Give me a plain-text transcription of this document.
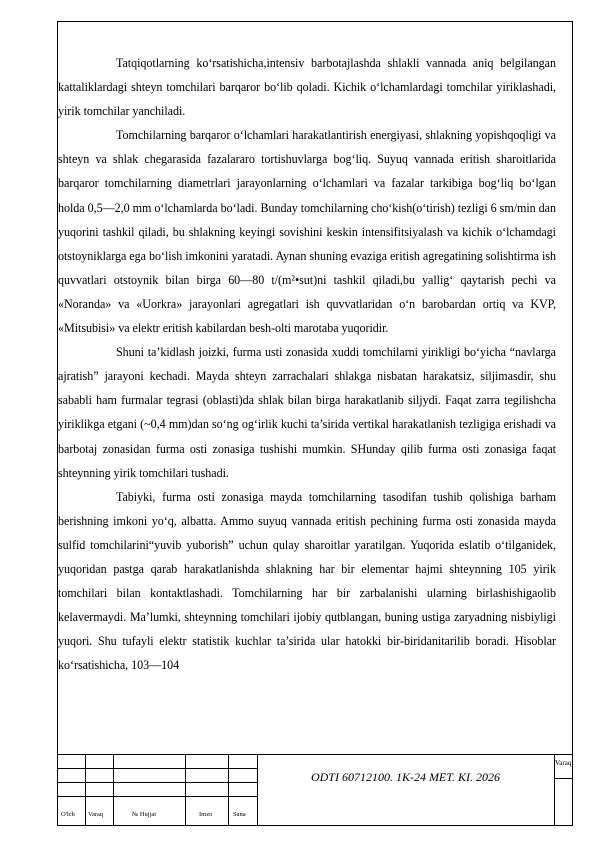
Tatqiqotlarning ko‘rsatishicha,intensiv barbotajlashda shlakli vannada aniq belgilangan kattaliklardagi shteyn tomchilari barqaror bo‘lib qoladi. Kichik o‘lchamlardagi tomchilar yiriklashadi, yirik tomchilar yanchiladi.

Tomchilarning barqaror o‘lchamlari harakatlantirish energiyasi, shlakning yopishqoqligi va shteyn va shlak chegarasida fazalararo tortishuvlarga bog‘liq. Suyuq vannada eritish sharoitlarida barqaror tomchilarning diametrlari jarayonlarning o‘lchamlari va fazalar tarkibiga bog‘liq bo‘lgan holda 0,5—2,0 mm o‘lchamlarda bo‘ladi. Bunday tomchilarning cho‘kish(o‘tirish) tezligi 6 sm/min dan yuqorini tashkil qiladi, bu shlakning keyingi sovishini keskin intensifitsiyalash va kichik o‘lchamdagi otstoyniklarga ega bo‘lish imkonini yaratadi. Aynan shuning evaziga eritish agregatining solishtirma ish quvvatlari otstoynik bilan birga 60—80 t/(m²•sut)ni tashkil qiladi,bu yallig‘ qaytarish pechi va «Noranda» va «Uorkra» jarayonlari agregatlari ish quvvatlaridan o‘n barobardan ortiq va KVP, «Mitsubisi» va elektr eritish kabilardan besh-olti marotaba yuqoridir.

Shuni ta’kidlash joizki, furma usti zonasida xuddi tomchilarni yirikligi bo‘yicha “navlarga ajratish” jarayoni kechadi. Mayda shteyn zarrachalari shlakga nisbatan harakatsiz, siljimasdir, shu sababli ham furmalar tegrasi (oblasti)da shlak bilan birga harakatlanib siljydi. Faqat zarra tegilishcha yiriklikga etgani (~0,4 mm)dan so‘ng og‘irlik kuchi ta’sirida vertikal harakatlanish tezligiga erishadi va barbotaj zonasidan furma osti zonasiga tushishi mumkin. SHunday qilib furma osti zonasiga faqat shteynning yirik tomchilari tushadi.

Tabiyki, furma osti zonasiga mayda tomchilarning tasodifan tushib qolishiga barham berishning imkoni yo‘q, albatta. Ammo suyuq vannada eritish pechining furma osti zonasida mayda sulfid tomchilarini“yuvib yuborish” uchun qulay sharoitlar yaratilgan. Yuqorida eslatib o‘tilganidek, yuqoridan pastga qarab harakatlanishda shlakning har bir elementar hajmi shteynning 105 yirik tomchilari bilan kontaktlashadi. Tomchilarning har bir zarbalanishi ularning birlashishigaolib kelavermaydi. Ma’lumki, shteynning tomchilari ijobiy qutblangan, buning ustiga zaryadning nisbiyligi yuqori. Shu tufayli elektr statistik kuchlar ta’sirida ular hatokki bir-biridanitarilib boradi. Hisoblar ko‘rsatishicha, 103—104

O'lch Varaq	№ Hujjat	Imzo	Sana
ODTI 60712100. 1K-24 MET. KI. 2026
Varaq
